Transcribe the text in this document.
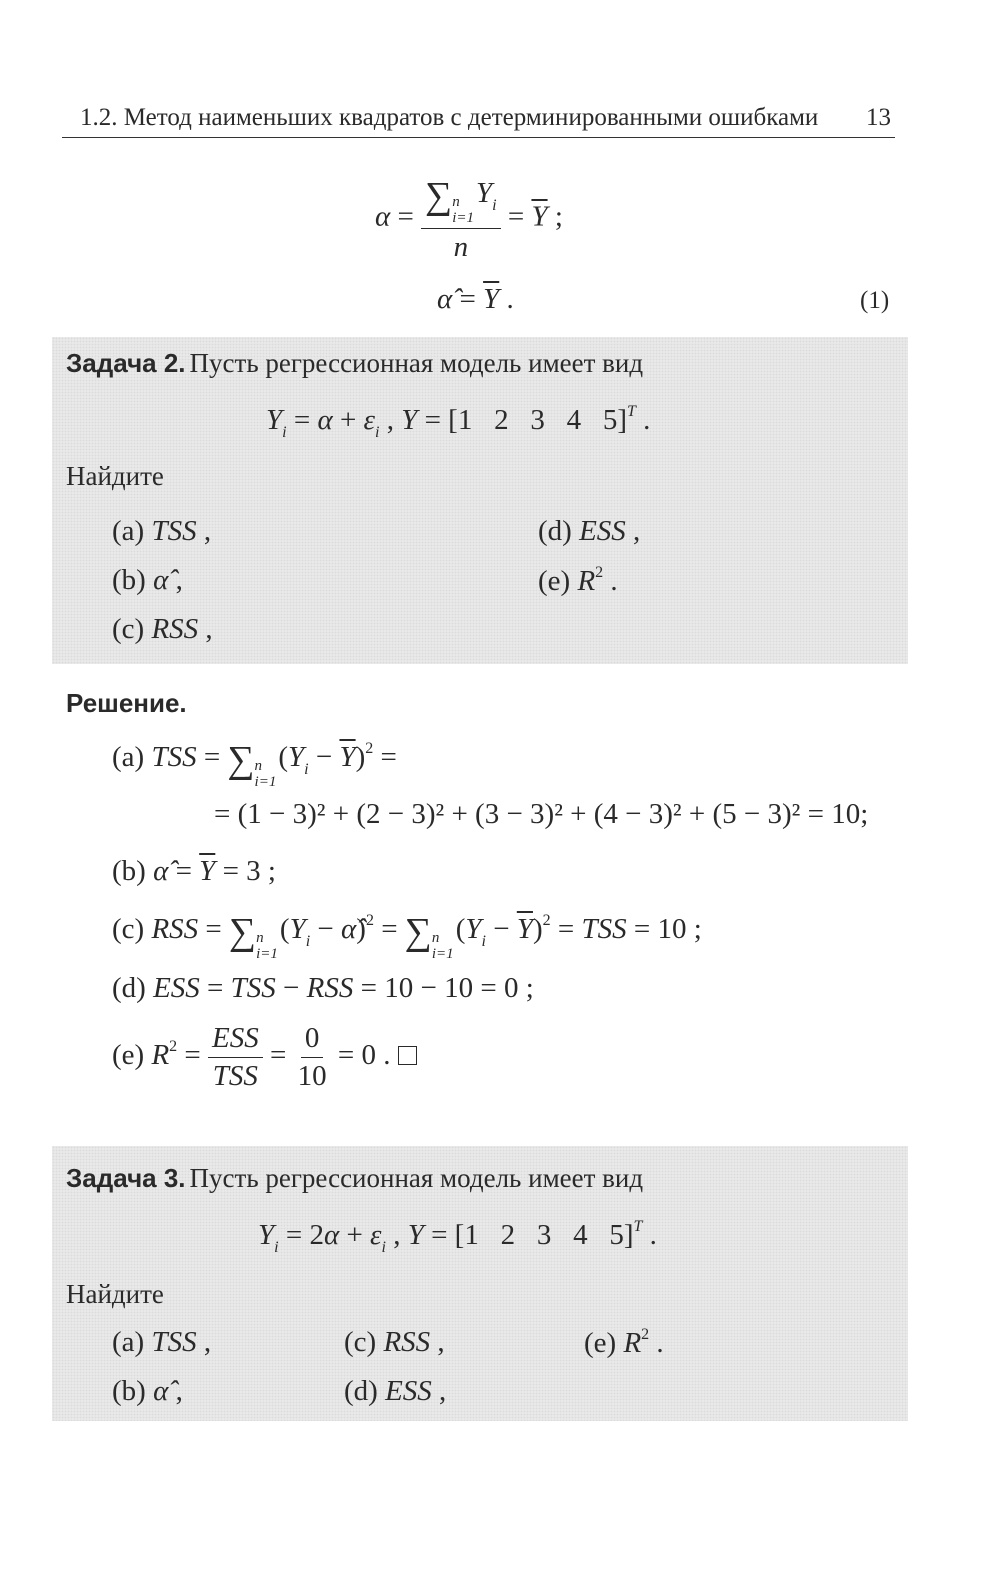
1.2. Метод наименьших квадратов с детерминированными ошибками 13
α = ∑ n
i=1
$Y_i$
$n = \overline{Y}$ ;
α̂ = $\overline{Y}$ .	(1)
Задача 2. Пусть регрессионная модель имеет вид
$Y_i = \alpha + \varepsilon_i$ , Y = [1 2 3 4 5]$^T$ .
Найдите
(a) TSS ,
(b) α̂ ,
(c) RSS ,
(d) ESS ,
(e) $R^2$ .
Решение.
(a) TSS = ∑ n
i=1
$(Y_i - \overline{Y})^2$ =
= (1 − 3)² + (2 − 3)² + (3 − 3)² + (4 − 3)² + (5 − 3)² = 10;
(b) α̂ = $\overline{Y} = 3$ ;
(c) RSS = ∑ n
i=1
($Y_i$ − α̂)$^2$ = ∑ n
i=1
$(Y_i - \overline{Y})^2$ = TSS = 10 ;
(d) ESS = TSS − RSS = 10 − 10 = 0 ;
(e) $R^2 = \frac{\text{ESS}}{\text{TSS}} = \frac{0}{10} = 0$ .
Задача 3. Пусть регрессионная модель имеет вид
$Y_i = 2\alpha + \varepsilon_i$ , Y = [1 2 3 4 5]$^T$ .
Найдите
(a) TSS ,
(b) α̂ ,
(c) RSS ,
(d) ESS ,
(e) $R^2$ .
